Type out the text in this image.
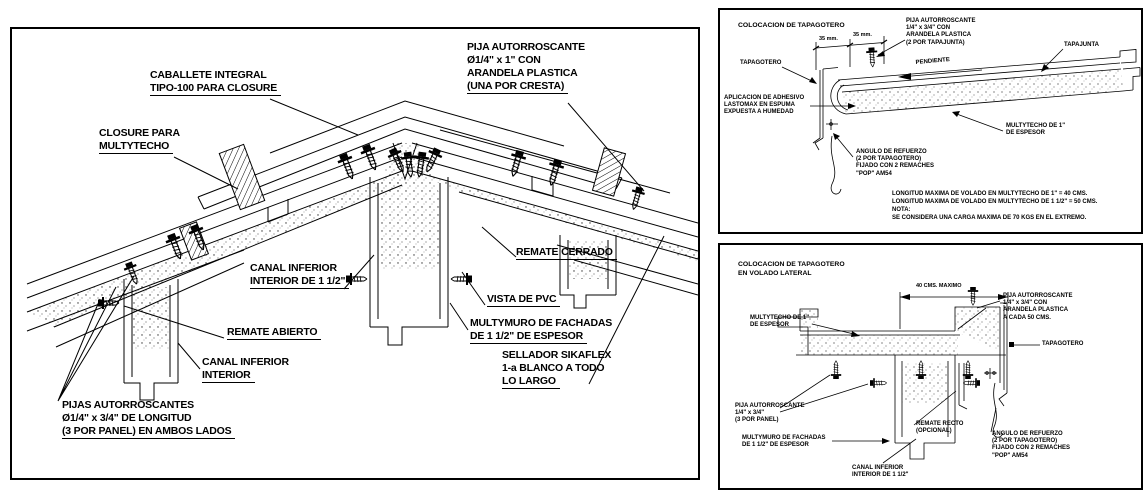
PIJA AUTORROSCANTE
Ø1/4" x 1" CON
ARANDELA PLASTICA
(UNA POR CRESTA)
CABALLETE INTEGRAL
TIPO-100 PARA CLOSURE
CLOSURE PARA
MULTYTECHO
CANAL INFERIOR
INTERIOR DE 1 1/2"
REMATE ABIERTO
CANAL INFERIOR
INTERIOR
PIJAS AUTORROSCANTES
Ø1/4" x 3/4" DE LONGITUD
(3 POR PANEL) EN AMBOS LADOS
REMATE CERRADO
VISTA DE PVC
MULTYMURO DE FACHADAS
DE 1 1/2" DE ESPESOR
SELLADOR SIKAFLEX
1-a BLANCO A TODO
LO LARGO
COLOCACION DE TAPAGOTERO
35 mm.
35 mm.
PIJA AUTORROSCANTE
1/4" x 3/4" CON
ARANDELA PLASTICA
(2 POR TAPAJUNTA)	TAPAJUNTA
TAPAGOTERO	PENDIENTE
APLICACION DE ADHESIVO
LASTOMAX EN ESPUMA
EXPUESTA A HUMEDAD
MULTYTECHO DE 1"
DE ESPESOR
ANGULO DE REFUERZO
(2 POR TAPAGOTERO)
FIJADO CON 2 REMACHES
"POP" AM54
LONGITUD MAXIMA DE VOLADO EN MULTYTECHO DE 1" = 40 CMS.
LONGITUD MAXIMA DE VOLADO EN MULTYTECHO DE 1 1/2" = 50 CMS.
NOTA:
SE CONSIDERA UNA CARGA MAXIMA DE 70 KGS EN EL EXTREMO.
COLOCACION DE TAPAGOTERO
EN VOLADO LATERAL
40 CMS. MAXIMO
PIJA AUTORROSCANTE
1/4" x 3/4" CON
ARANDELA PLASTICA
A CADA 50 CMS.
MULTYTECHO DE 1"
DE ESPESOR
TAPAGOTERO
PIJA AUTORROSCANTE
1/4" x 3/4"
(3 POR PANEL)
MULTYMURO DE FACHADAS
DE 1 1/2" DE ESPESOR
CANAL INFERIOR
INTERIOR DE 1 1/2"
REMATE RECTO
(OPCIONAL)	ANGULO DE REFUERZO
(2 POR TAPAGOTERO)
FIJADO CON 2 REMACHES
"POP" AM54
